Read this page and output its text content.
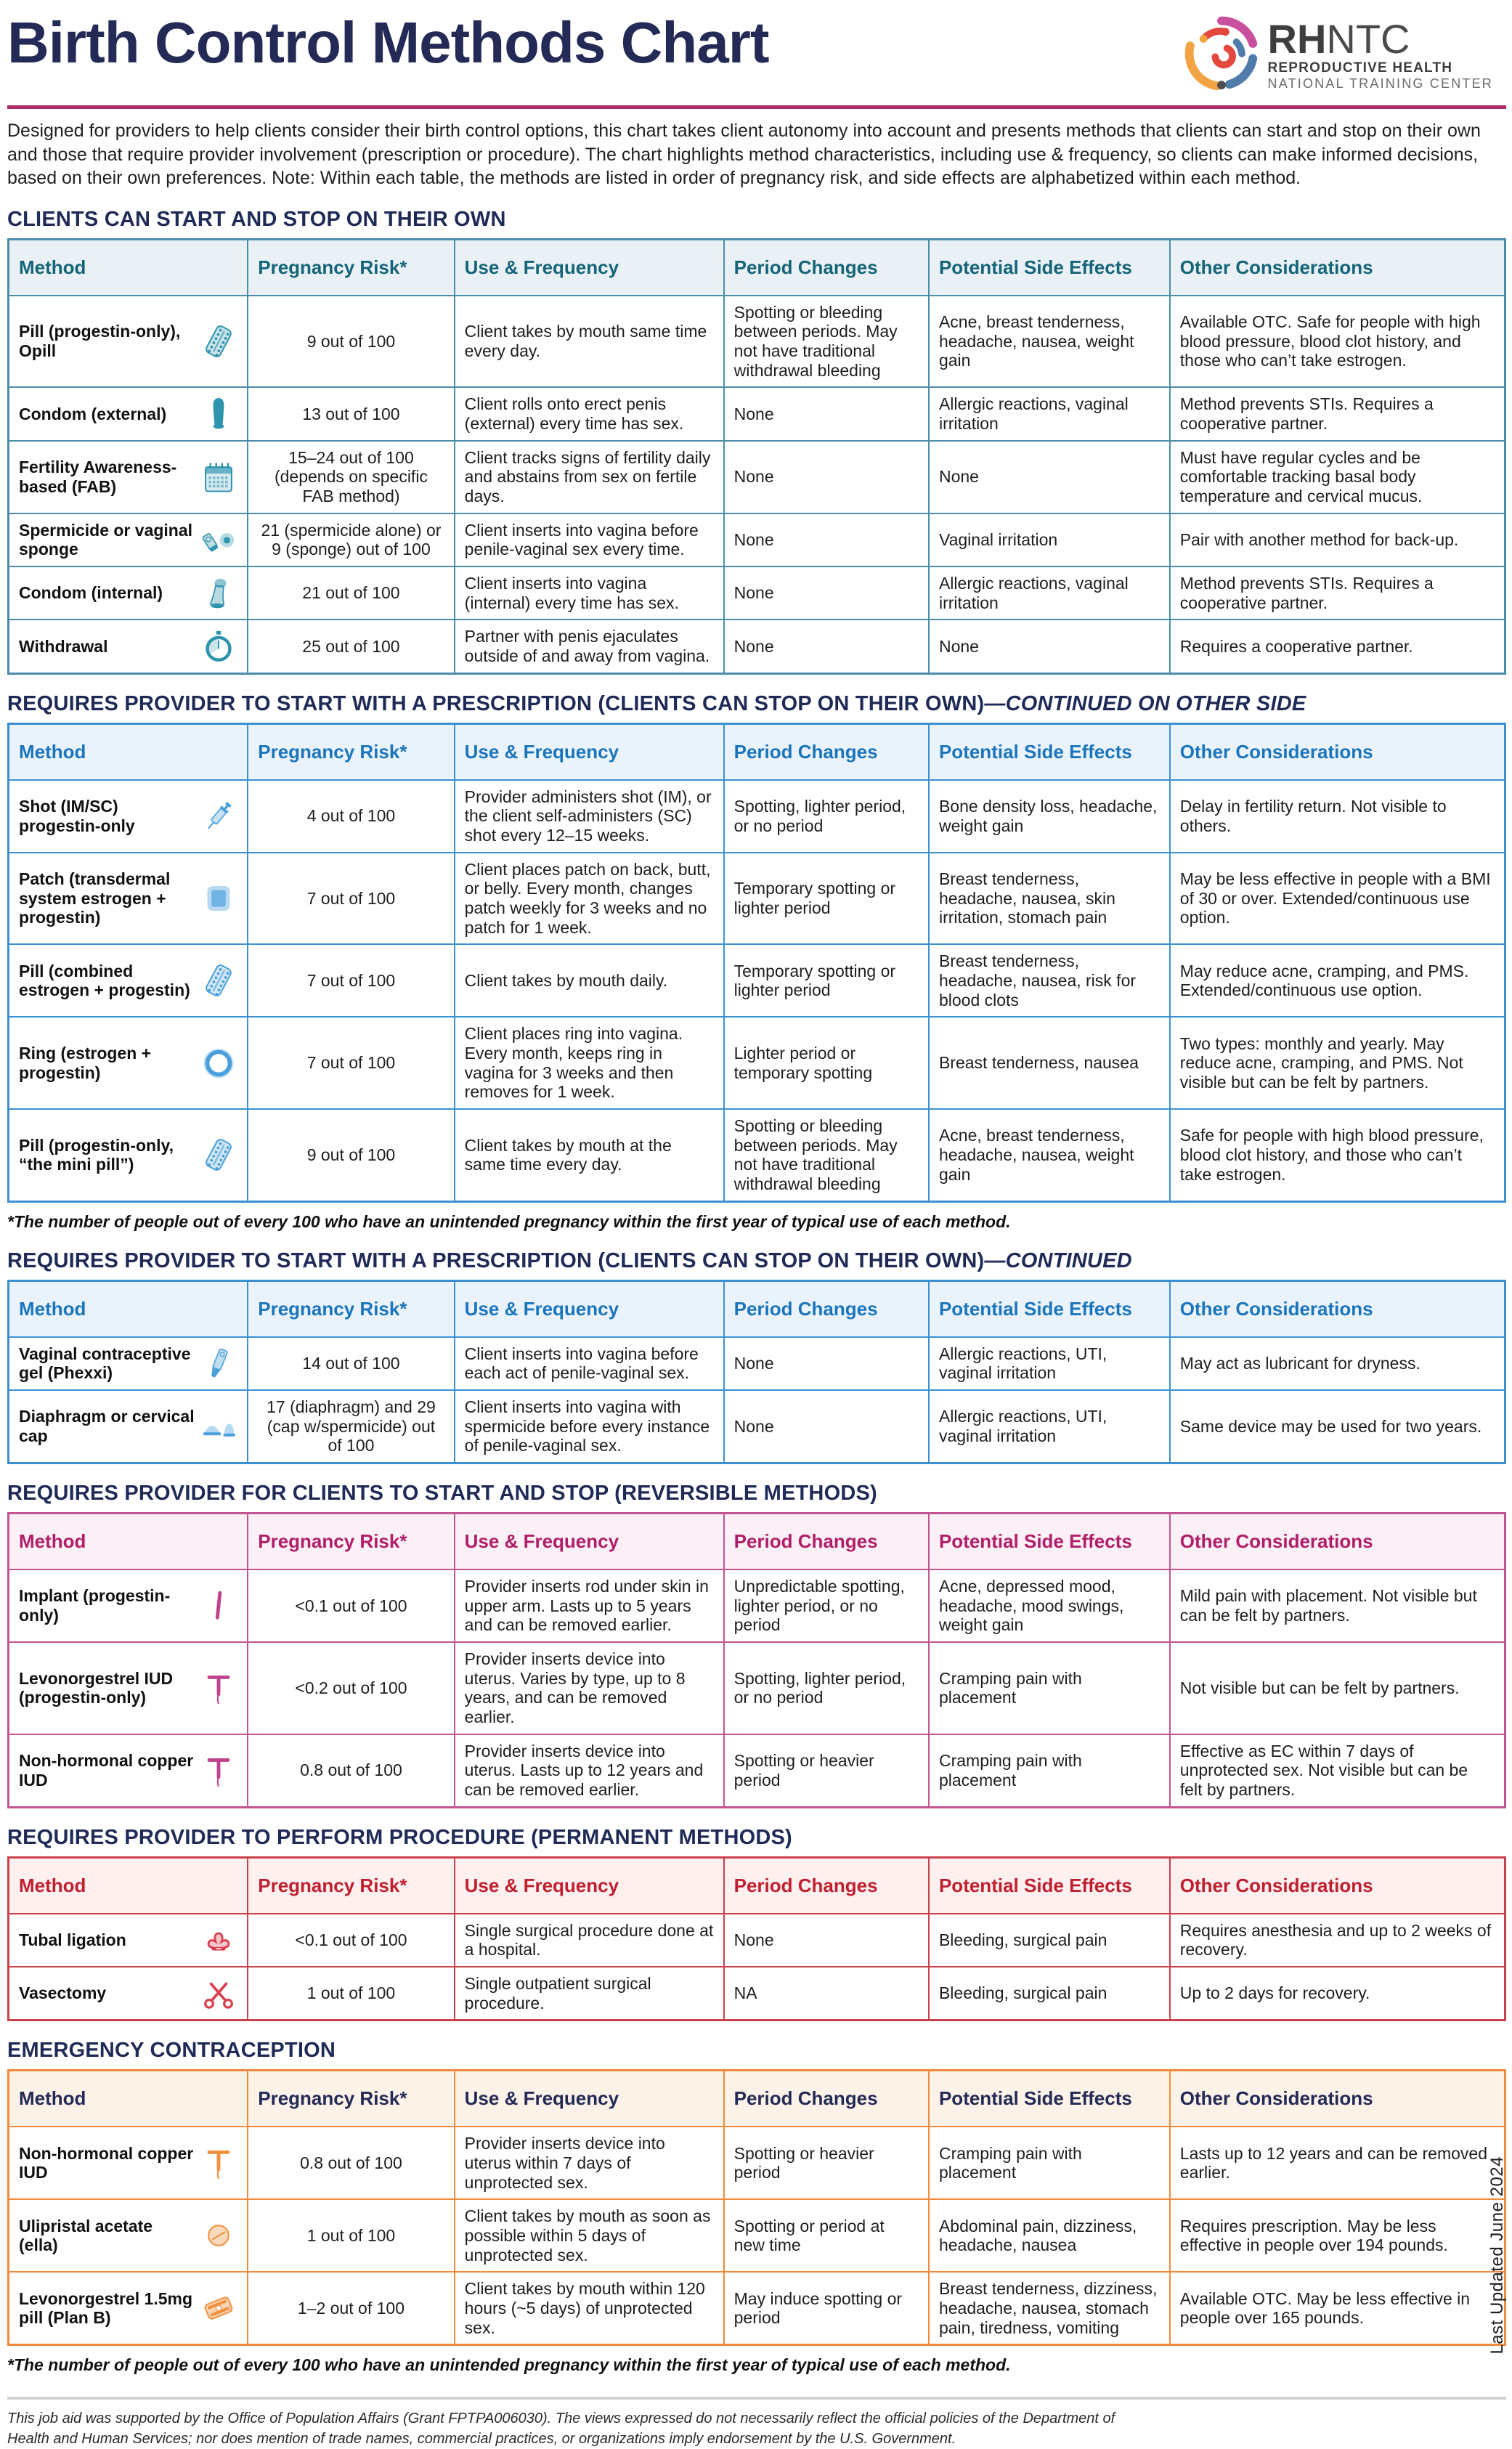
Birth Control Methods Chart	RHNTC
REPRODUCTIVE HEALTH
NATIONAL TRAINING CENTER

Designed for providers to help clients consider their birth control options, this chart takes client autonomy into account and presents methods that clients can start and stop on their own and those that require provider involvement (prescription or procedure). The chart highlights method characteristics, including use & frequency, so clients can make informed decisions, based on their own preferences. Note: Within each table, the methods are listed in order of pregnancy risk, and side effects are alphabetized within each method.

CLIENTS CAN START AND STOP ON THEIR OWN
Method	Pregnancy Risk*	Use & Frequency	Period Changes	Potential Side Effects	Other Considerations

Pill (progestin-only), Opill	9 out of 100	Client takes by mouth same time every day.	Spotting or bleeding between periods. May not have traditional withdrawal bleeding	Acne, breast tenderness, headache, nausea, weight gain	Available OTC. Safe for people with high blood pressure, blood clot history, and those who can’t take estrogen.

Condom (external)	13 out of 100	Client rolls onto erect penis (external) every time has sex.	None	Allergic reactions, vaginal irritation	Method prevents STIs. Requires a cooperative partner.

Fertility Awareness-based (FAB)	15–24 out of 100 (depends on specific FAB method)	Client tracks signs of fertility daily and abstains from sex on fertile days.	None	None	Must have regular cycles and be comfortable tracking basal body temperature and cervical mucus.

Spermicide or vaginal sponge	21 (spermicide alone) or 9 (sponge) out of 100	Client inserts into vagina before penile-vaginal sex every time.	None	Vaginal irritation	Pair with another method for back-up.

Condom (internal)	21 out of 100	Client inserts into vagina (internal) every time has sex.	None	Allergic reactions, vaginal irritation	Method prevents STIs. Requires a cooperative partner.

Withdrawal	25 out of 100	Partner with penis ejaculates outside of and away from vagina.	None	None	Requires a cooperative partner.
REQUIRES PROVIDER TO START WITH A PRESCRIPTION (CLIENTS CAN STOP ON THEIR OWN)—CONTINUED ON OTHER SIDE
Method	Pregnancy Risk*	Use & Frequency	Period Changes	Potential Side Effects	Other Considerations

Shot (IM/SC) progestin-only	4 out of 100	Provider administers shot (IM), or the client self-administers (SC) shot every 12–15 weeks.	Spotting, lighter period, or no period	Bone density loss, headache, weight gain	Delay in fertility return. Not visible to others.

Patch (transdermal system estrogen + progestin)	7 out of 100	Client places patch on back, butt, or belly. Every month, changes patch weekly for 3 weeks and no patch for 1 week.	Temporary spotting or lighter period	Breast tenderness, headache, nausea, skin irritation, stomach pain	May be less effective in people with a BMI of 30 or over. Extended/continuous use option.

Pill (combined estrogen + progestin)	7 out of 100	Client takes by mouth daily.	Temporary spotting or lighter period	Breast tenderness, headache, nausea, risk for blood clots	May reduce acne, cramping, and PMS. Extended/continuous use option.

Ring (estrogen + progestin)	7 out of 100	Client places ring into vagina. Every month, keeps ring in vagina for 3 weeks and then removes for 1 week.	Lighter period or temporary spotting	Breast tenderness, nausea	Two types: monthly and yearly. May reduce acne, cramping, and PMS. Not visible but can be felt by partners.

Pill (progestin-only, “the mini pill”)	9 out of 100	Client takes by mouth at the same time every day.	Spotting or bleeding between periods. May not have traditional withdrawal bleeding	Acne, breast tenderness, headache, nausea, weight gain	Safe for people with high blood pressure, blood clot history, and those who can’t take estrogen.

*The number of people out of every 100 who have an unintended pregnancy within the first year of typical use of each method.

REQUIRES PROVIDER TO START WITH A PRESCRIPTION (CLIENTS CAN STOP ON THEIR OWN)—CONTINUED
Method	Pregnancy Risk*	Use & Frequency	Period Changes	Potential Side Effects	Other Considerations

Vaginal contraceptive gel (Phexxi)	14 out of 100	Client inserts into vagina before each act of penile-vaginal sex.	None	Allergic reactions, UTI, vaginal irritation	May act as lubricant for dryness.

Diaphragm or cervical cap	17 (diaphragm) and 29 (cap w/spermicide) out of 100	Client inserts into vagina with spermicide before every instance of penile-vaginal sex.	None	Allergic reactions, UTI, vaginal irritation	Same device may be used for two years.
REQUIRES PROVIDER FOR CLIENTS TO START AND STOP (REVERSIBLE METHODS)
Method	Pregnancy Risk*	Use & Frequency	Period Changes	Potential Side Effects	Other Considerations

Implant (progestin-only)	<0.1 out of 100	Provider inserts rod under skin in upper arm. Lasts up to 5 years and can be removed earlier.	Unpredictable spotting, lighter period, or no period	Acne, depressed mood, headache, mood swings, weight gain	Mild pain with placement. Not visible but can be felt by partners.

Levonorgestrel IUD (progestin-only)	<0.2 out of 100	Provider inserts device into uterus. Varies by type, up to 8 years, and can be removed earlier.	Spotting, lighter period, or no period	Cramping pain with placement	Not visible but can be felt by partners.

Non-hormonal copper IUD	0.8 out of 100	Provider inserts device into uterus. Lasts up to 12 years and can be removed earlier.	Spotting or heavier period	Cramping pain with placement	Effective as EC within 7 days of unprotected sex. Not visible but can be felt by partners.
REQUIRES PROVIDER TO PERFORM PROCEDURE (PERMANENT METHODS)
Method	Pregnancy Risk*	Use & Frequency	Period Changes	Potential Side Effects	Other Considerations

Tubal ligation	<0.1 out of 100	Single surgical procedure done at a hospital.	None	Bleeding, surgical pain	Requires anesthesia and up to 2 weeks of recovery.

Vasectomy	1 out of 100	Single outpatient surgical procedure.	NA	Bleeding, surgical pain	Up to 2 days for recovery.
EMERGENCY CONTRACEPTION
Method	Pregnancy Risk*	Use & Frequency	Period Changes	Potential Side Effects	Other Considerations

Non-hormonal copper IUD	0.8 out of 100	Provider inserts device into uterus within 7 days of unprotected sex.	Spotting or heavier period	Cramping pain with placement	Lasts up to 12 years and can be removed earlier.

Ulipristal acetate (ella)	1 out of 100	Client takes by mouth as soon as possible within 5 days of unprotected sex.	Spotting or period at new time	Abdominal pain, dizziness, headache, nausea	Requires prescription. May be less effective in people over 194 pounds.

Levonorgestrel 1.5mg pill (Plan B)	1–2 out of 100	Client takes by mouth within 120 hours (~5 days) of unprotected sex.	May induce spotting or period	Breast tenderness, dizziness, headache, nausea, stomach pain, tiredness, vomiting	Available OTC. May be less effective in people over 165 pounds.

*The number of people out of every 100 who have an unintended pregnancy within the first year of typical use of each method.

This job aid was supported by the Office of Population Affairs (Grant FPTPA006030). The views expressed do not necessarily reflect the official policies of the Department of Health and Human Services; nor does mention of trade names, commercial practices, or organizations imply endorsement by the U.S. Government.

Last Updated June 2024
